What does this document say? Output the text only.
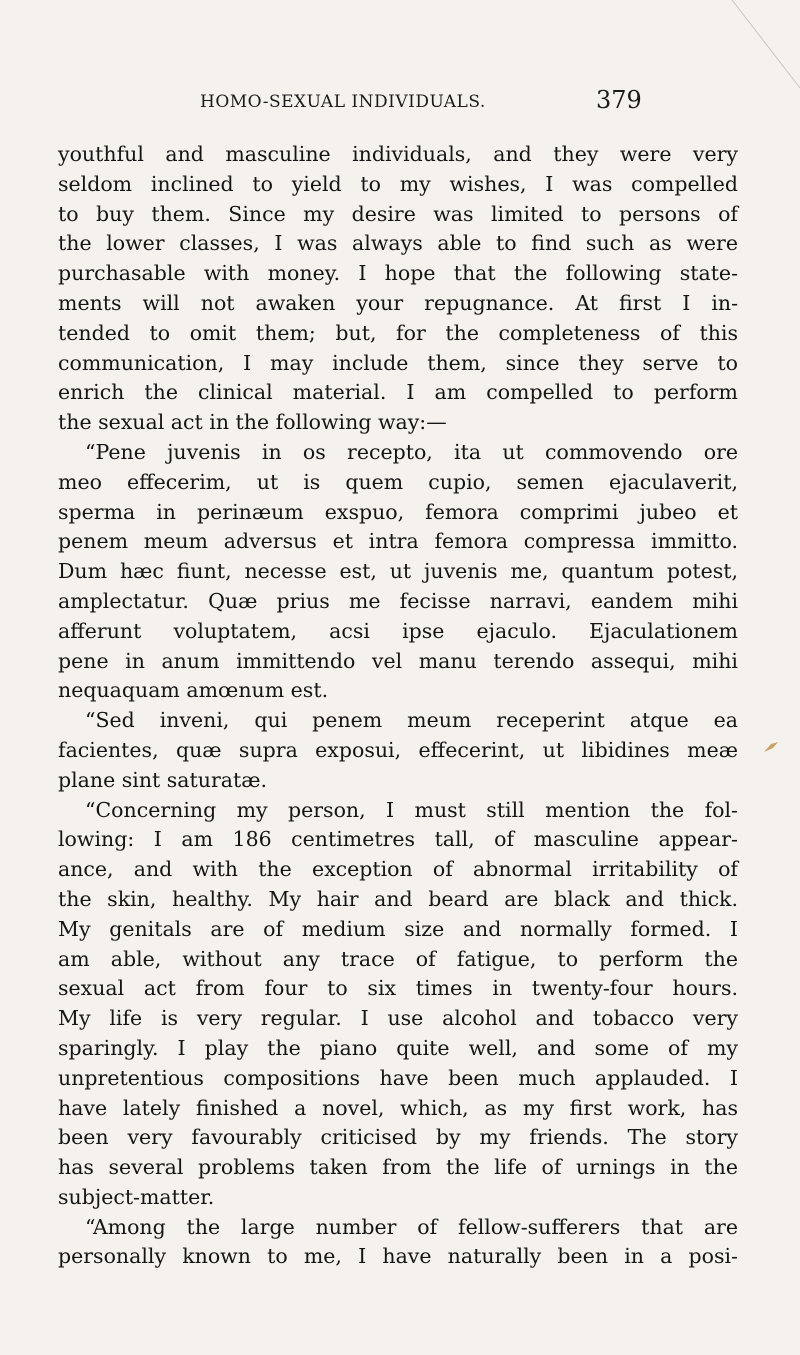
HOMO-SEXUAL INDIVIDUALS.	379
youthful and masculine individuals, and they were very
seldom inclined to yield to my wishes, I was compelled
to buy them. Since my desire was limited to persons of
the lower classes, I was always able to find such as were
purchasable with money. I hope that the following state-
ments will not awaken your repugnance. At first I in-
tended to omit them; but, for the completeness of this
communication, I may include them, since they serve to
enrich the clinical material. I am compelled to perform
the sexual act in the following way:—
“Pene juvenis in os recepto, ita ut commovendo ore
meo effecerim, ut is quem cupio, semen ejaculaverit,
sperma in perinæum exspuo, femora comprimi jubeo et
penem meum adversus et intra femora compressa immitto.
Dum hæc fiunt, necesse est, ut juvenis me, quantum potest,
amplectatur. Quæ prius me fecisse narravi, eandem mihi
afferunt voluptatem, acsi ipse ejaculo. Ejaculationem
pene in anum immittendo vel manu terendo assequi, mihi
nequaquam amœnum est.
“Sed inveni, qui penem meum receperint atque ea
facientes, quæ supra exposui, effecerint, ut libidines meæ
plane sint saturatæ.
“Concerning my person, I must still mention the fol-
lowing: I am 186 centimetres tall, of masculine appear-
ance, and with the exception of abnormal irritability of
the skin, healthy. My hair and beard are black and thick.
My genitals are of medium size and normally formed. I
am able, without any trace of fatigue, to perform the
sexual act from four to six times in twenty-four hours.
My life is very regular. I use alcohol and tobacco very
sparingly. I play the piano quite well, and some of my
unpretentious compositions have been much applauded. I
have lately finished a novel, which, as my first work, has
been very favourably criticised by my friends. The story
has several problems taken from the life of urnings in the
subject-matter.
“Among the large number of fellow-sufferers that are
personally known to me, I have naturally been in a posi-
